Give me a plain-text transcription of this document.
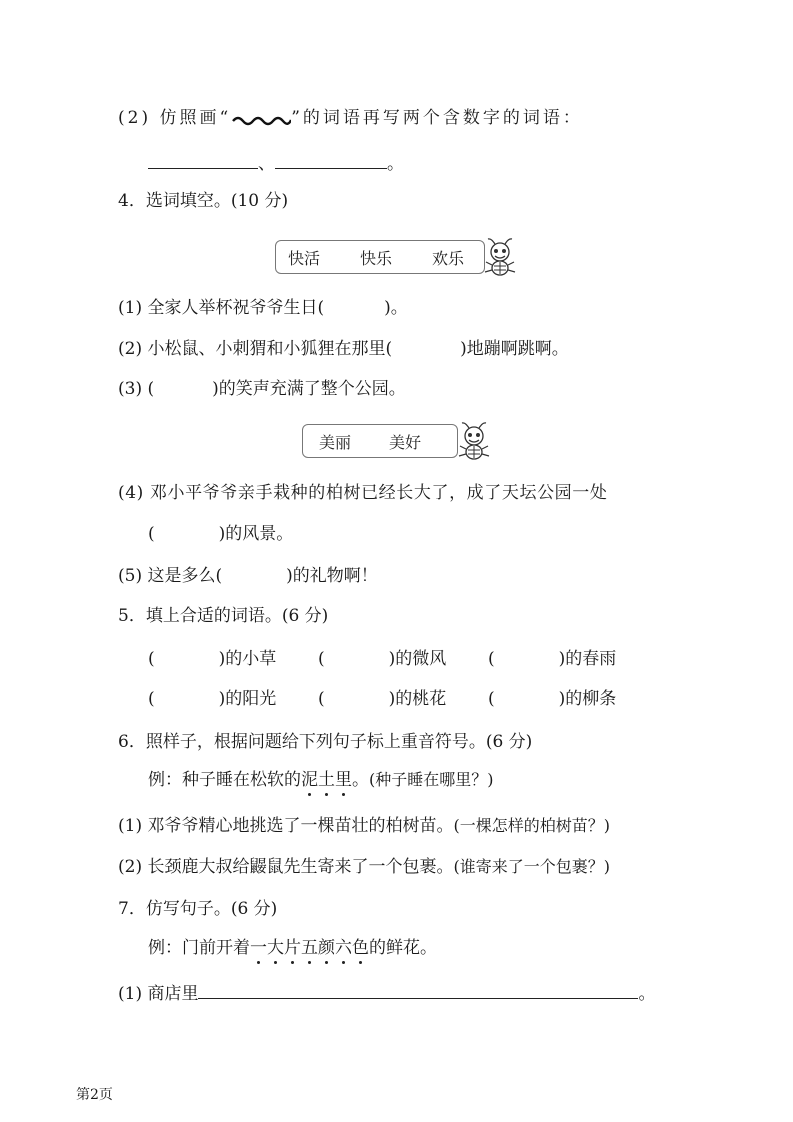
(2) 仿照画“	”的词语再写两个含数字的词语：
、	。
4．选词填空。(10 分)
快活	快乐	欢乐
(1) 全家人举杯祝爷爷生日(	)。
(2) 小松鼠、小刺猬和小狐狸在那里(	)地蹦啊跳啊。
(3) (	)的笑声充满了整个公园。
美丽 美好
(4) 邓小平爷爷亲手栽种的柏树已经长大了，成了天坛公园一处
(	)的风景。
(5) 这是多么(	)的礼物啊！
5．填上合适的词语。(6 分)
(	)的小草 (	)的微风 (	)的春雨
(	)的阳光 (	)的桃花 (	)的柳条
6．照样子，根据问题给下列句子标上重音符号。(6 分)
例：种子睡在松软的泥土里。(种子睡在哪里？)
(1) 邓爷爷精心地挑选了一棵苗壮的柏树苗。(一棵怎样的柏树苗？)
(2) 长颈鹿大叔给鼹鼠先生寄来了一个包裹。(谁寄来了一个包裹？)
7．仿写句子。(6 分)
例：门前开着一大片五颜六色的鲜花。
(1) 商店里	。
第2页
